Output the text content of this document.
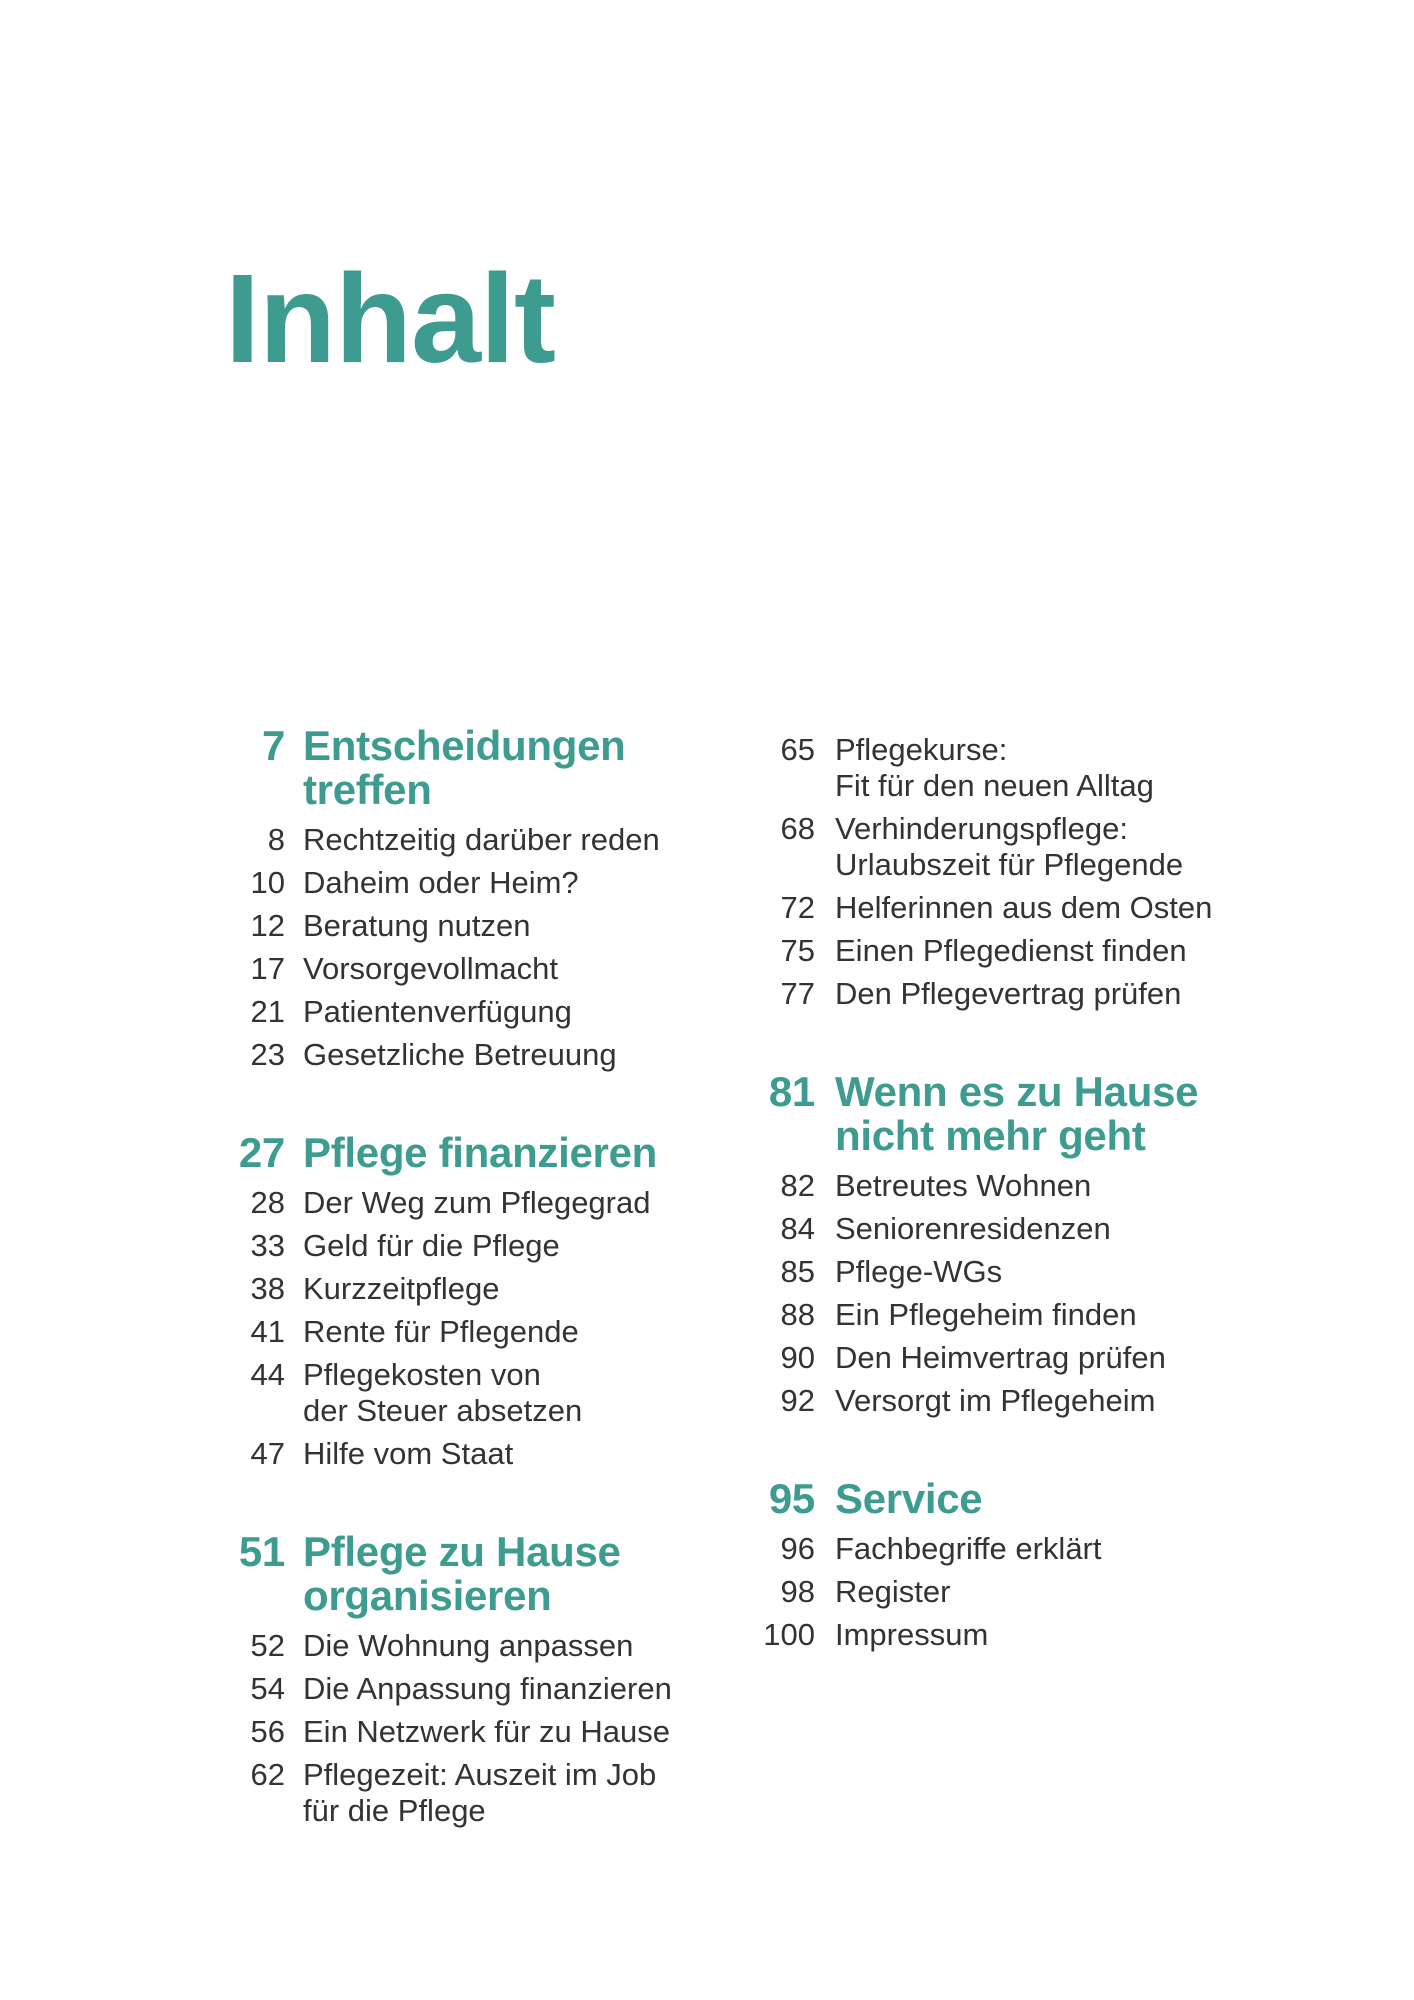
Inhalt
7 Entscheidungen treffen
8 Rechtzeitig darüber reden
10 Daheim oder Heim?
12 Beratung nutzen
17 Vorsorgevollmacht
21 Patientenverfügung
23 Gesetzliche Betreuung
27 Pflege finanzieren
28 Der Weg zum Pflegegrad
33 Geld für die Pflege
38 Kurzzeitpflege
41 Rente für Pflegende
44 Pflegekosten von
der Steuer absetzen
47 Hilfe vom Staat
51 Pflege zu Hause
organisieren
52 Die Wohnung anpassen
54 Die Anpassung finanzieren
56 Ein Netzwerk für zu Hause
62 Pflegezeit: Auszeit im Job
für die Pflege
65 Pflegekurse:
Fit für den neuen Alltag
68 Verhinderungspflege:
Urlaubszeit für Pflegende
72 Helferinnen aus dem Osten
75 Einen Pflegedienst finden
77 Den Pflegevertrag prüfen
81 Wenn es zu Hause
nicht mehr geht
82 Betreutes Wohnen
84 Seniorenresidenzen
85 Pflege-WGs
88 Ein Pflegeheim finden
90 Den Heimvertrag prüfen
92 Versorgt im Pflegeheim
95 Service
96 Fachbegriffe erklärt
98 Register
100 Impressum
